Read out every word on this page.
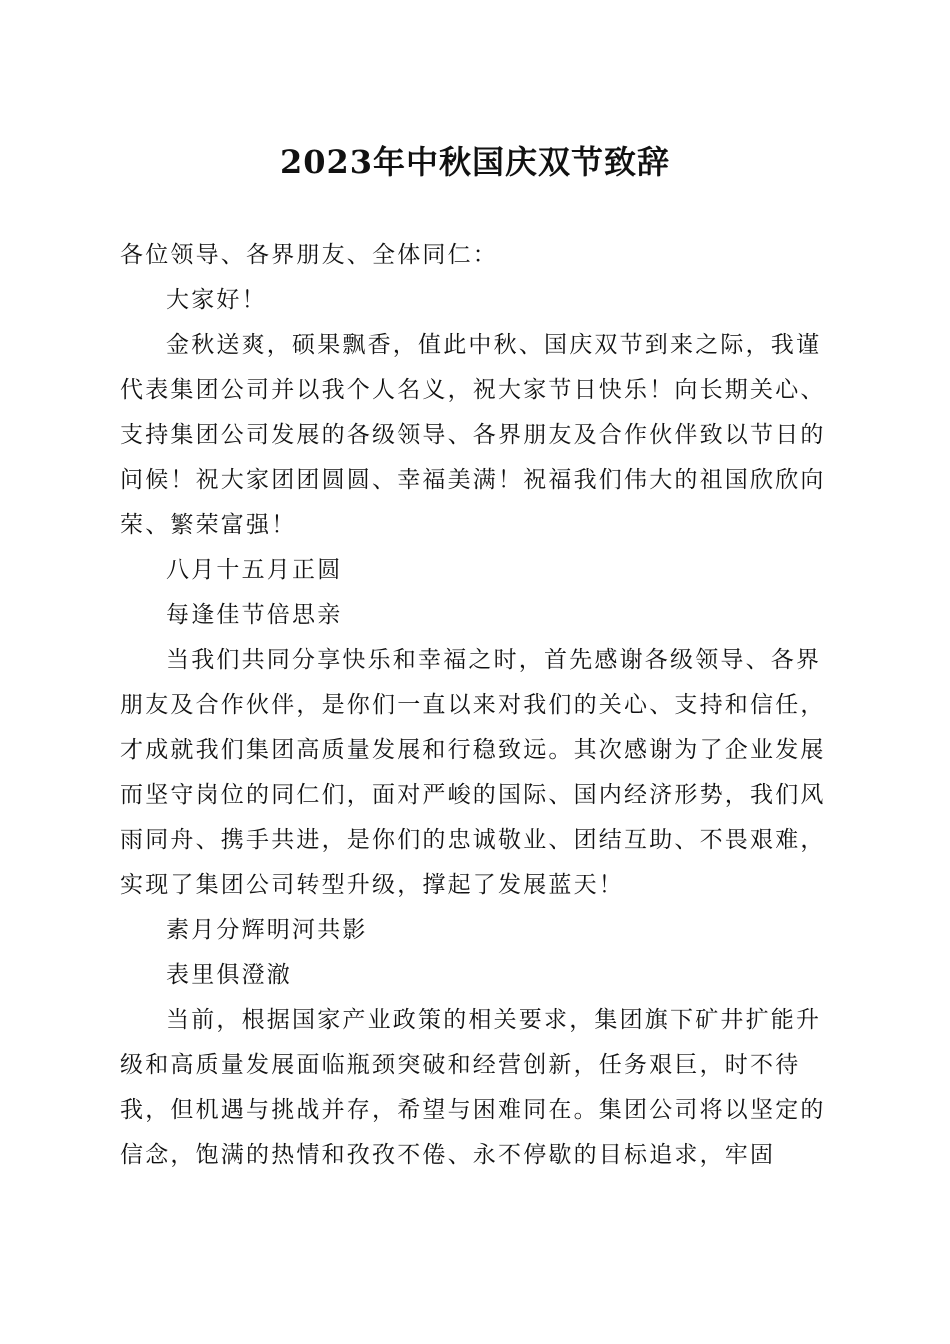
2023年中秋国庆双节致辞

各位领导、各界朋友、全体同仁：

大家好！

金秋送爽，硕果飘香，值此中秋、国庆双节到来之际，我谨代表集团公司并以我个人名义，祝大家节日快乐！向长期关心、支持集团公司发展的各级领导、各界朋友及合作伙伴致以节日的问候！祝大家团团圆圆、幸福美满！祝福我们伟大的祖国欣欣向荣、繁荣富强！

八月十五月正圆

每逢佳节倍思亲

当我们共同分享快乐和幸福之时，首先感谢各级领导、各界朋友及合作伙伴，是你们一直以来对我们的关心、支持和信任，才成就我们集团高质量发展和行稳致远。其次感谢为了企业发展而坚守岗位的同仁们，面对严峻的国际、国内经济形势，我们风雨同舟、携手共进，是你们的忠诚敬业、团结互助、不畏艰难，实现了集团公司转型升级，撑起了发展蓝天！

素月分辉明河共影

表里俱澄澈

当前，根据国家产业政策的相关要求，集团旗下矿井扩能升级和高质量发展面临瓶颈突破和经营创新，任务艰巨，时不待我，但机遇与挑战并存，希望与困难同在。集团公司将以坚定的信念，饱满的热情和孜孜不倦、永不停歇的目标追求，牢固
